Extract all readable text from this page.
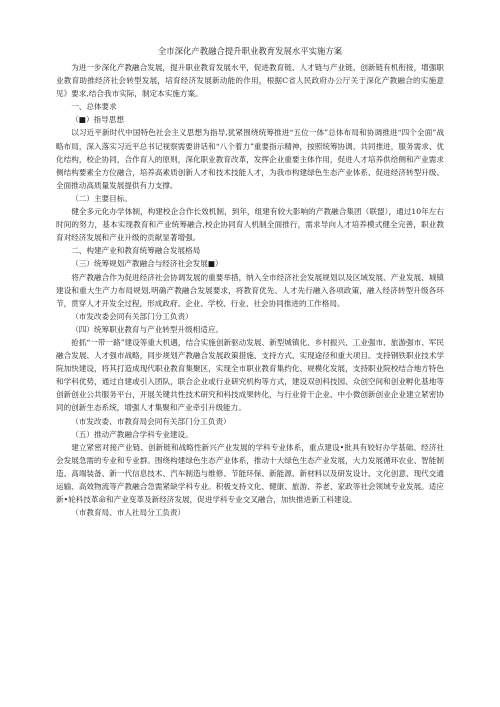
全市深化产教融合提升职业教育发展水平实施方案

为进一步深化产教融合发展，提升职业教育发展水平，促进教育链、人才链与产业链、创新链有机衔接，增强职业教育助推经济社会转型发展，培育经济发展新动能的作用，根据C省人民政府办公厅关于深化产教融合的实施意见》要求,结合我市实际，制定本实施方案。

一、总体要求

（■）指导思想

以习近平新时代中国特色社会主义思想为指导,犹紧围绕统筹推进“五位一体”总体布局和协调推进“四个全面”战略布局，深入落实习近平总书记视察需要讲话和“八个着力”重要指示精神，按照统筹协调、共同推进，服务需求、优化结构，校企协同，合作育人的原则，深化职业教育改革，发挥企业重要主体作用，促进人才培养供给侧和产业需求侧结构要素全方位融合，培养高素质创新人才和技术技能人才，为我市构建绿色生态产业体系、促进经济转型升级、全面推动高质量发展提供有力支撑。

（二）主要目标。

健全多元化办学体制，构建校企合作长效机制，到年，组建有较大影响的产教融合集团（联盟），通过10年左右时间的努力，基本实现教育和产业统筹融合,校企协同育人机制全面推行，需求导向人才培养模式健全完善，职业教育对经济发展和产业升级的贡献显著增强。

二、构建产业和教育统筹融合发展格局

（三）统筹规划产教融合与经济社会发展■）

将产教融合作为促进经济社会协调发展的重要举措，纳入全市经济社会发展规划以及区域发展、产业发展、城镇建设和重大生产力布局规划,明确产教融合发展要求，将教育优先、人才先行融入各项政策，融入经济转型升级各环节，贯穿人才开发全过程，形成政府、企业、学校、行业、社会协同推进的工作格局。

（市发改委会同有关部门分工负责）

（四）统筹职业教育与产业转型升级相适应。

抢抓“一带一路”建设等重大机遇，结合实施创新驱动发展、新型城镇化、乡村振兴、工业强市、旅游强市、军民融合发展、人才强市战略，同步规划产教融合发展政策措施、支持方式、实现途径和重大项目。支持钢铁职业技术学院加快建设，将其打造成现代职业教育集聚区，实现全市职业教育集约化、规模化发展，支持职业院校结合地方特色和学科优势，通过自建或引入团队，联合企业或行业研究机构等方式，建设双创科技园、众创空间和创业孵化基地等创新创业公共服务平台，开展关键共性技术研究和科技成果转化，与行业骨干企业、中小微创新创业企业建立紧密协同的创新生态系统，增强人才集聚和产业牵引升级能力。

（市发改委、市教育局会同有关部门分工负责）

（五）推动产教融合学科专业建设。

建立紧密对接产业链、创新链和战略性新兴产业发展的学科专业体系，重点建设•批具有较好办学基础、经济社会发展急需的专业和专业群。围绕构建绿色生态产业体系，推动十大绿色生态产业发展，大力发展循环农业、智能制造、高端装备、新一代信息技术、汽车制造与维修、节能环保、新能源、新材料以及研发设计、文化创意、现代交通运输、高效物流等产教融合急需紧缺学科专业。积极支持文化、健康、旅游、养老、家政等社会领域专业发展。适应新•轮科技革命和产业变革及新经济发展，促进学科专业交叉融合，加快推进新工科建设。

（市教育局、市人社局分工负责）
